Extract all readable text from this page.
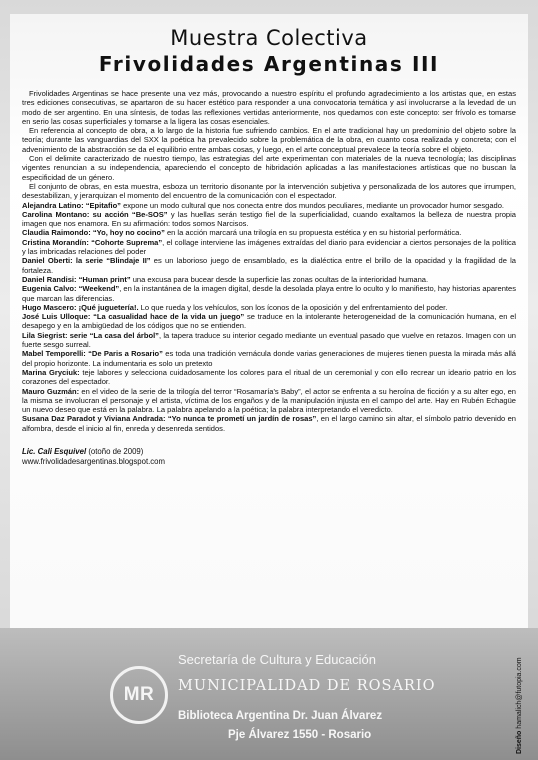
Muestra Colectiva
Frivolidades Argentinas III

Frivolidades Argentinas se hace presente una vez más, provocando a nuestro espíritu el profundo agradecimiento a los artistas que, en estas tres ediciones consecutivas, se apartaron de su hacer estético para responder a una convocatoria temática y así involucrarse a la levedad de un modo de ser argentino. En una síntesis, de todas las reflexiones vertidas anteriormente, nos quedamos con este concepto: ser frívolo es tomarse en serio las cosas superficiales y tomarse a la ligera las cosas esenciales.

En referencia al concepto de obra, a lo largo de la historia fue sufriendo cambios. En el arte tradicional hay un predominio del objeto sobre la teoría; durante las vanguardias del SXX la poética ha prevalecido sobre la problemática de la obra, en cuanto cosa realizada y concreta; con el advenimiento de la abstracción se da el equilibrio entre ambas cosas, y luego, en el arte conceptual prevalece la teoría sobre el objeto.

Con el delimite caracterizado de nuestro tiempo, las estrategias del arte experimentan con materiales de la nueva tecnología; las disciplinas vigentes renuncian a su independencia, apareciendo el concepto de hibridación aplicadas a las manifestaciones artísticas que no buscan la especificidad de un género.

El conjunto de obras, en esta muestra, esboza un territorio disonante por la intervención subjetiva y personalizada de los autores que irrumpen, desestabilizan, y jerarquizan el momento del encuentro de la comunicación con el espectador.

Alejandra Latino: “Epitafio” expone un modo cultural que nos conecta entre dos mundos peculiares, mediante un provocador humor sesgado.

Carolina Montano: su acción “Be-SOS” y las huellas serán testigo fiel de la superficialidad, cuando exaltamos la belleza de nuestra propia imagen que nos enamora. En su afirmación: todos somos Narcisos.

Claudia Raimondo: “Yo, hoy no cocino” en la acción marcará una trilogía en su propuesta estética y en su historial performática.

Cristina Morandín: “Cohorte Suprema”, el collage interviene las imágenes extraídas del diario para evidenciar a ciertos personajes de la política y las imbricadas relaciones del poder

Daniel Oberti: la serie “Blindaje II” es un laborioso juego de ensamblado, es la dialéctica entre el brillo de la opacidad y la fragilidad de la fortaleza.

Daniel Randisi: “Human print” una excusa para bucear desde la superficie las zonas ocultas de la interioridad humana.

Eugenia Calvo: “Weekend”, en la instantánea de la imagen digital, desde la desolada playa entre lo oculto y lo manifiesto, hay historias aparentes que marcan las diferencias.

Hugo Mascero: ¡Qué juguetería!. Lo que rueda y los vehículos, son los íconos de la oposición y del enfrentamiento del poder.

José Luis Ulloque: “La casualidad hace de la vida un juego” se traduce en la intolerante heterogeneidad de la comunicación humana, en el desapego y en la ambigüedad de los códigos que no se entienden.

Lila Siegrist: serie “La casa del árbol”, la tapera traduce su interior cegado mediante un eventual pasado que vuelve en retazos. Imagen con un fuerte sesgo surreal.

Mabel Temporelli: “De Paris a Rosario” es toda una tradición vernácula donde varias generaciones de mujeres tienen puesta la mirada más allá del propio horizonte. La indumentaria es solo un pretexto

Marina Gryciuk: teje labores y selecciona cuidadosamente los colores para el ritual de un ceremonial y con ello recrear un ideario patrio en los corazones del espectador.

Mauro Guzmán: en el video de la serie de la trilogía del terror “Rosamaría's Baby”, el actor se enfrenta a su heroína de ficción y a su alter ego, en la misma se involucran el personaje y el artista, víctima de los engaños y de la manipulación injusta en el campo del arte. Hay en Rubén Echagüe un nuevo deseo que está en la palabra. La palabra apelando a la poética; la palabra interpretando el veredicto.

Susana Daz Paradot y Viviana Andrada: “Yo nunca te prometí un jardín de rosas”, en el largo camino sin altar, el símbolo patrio devenido en alfombra, desde el inicio al fin, enreda y desenreda sentidos.

Lic. Cali Esquivel (otoño de 2009)
www.frivolidadesargentinas.blogspot.com
MR
Secretaría de Cultura y Educación
MUNICIPALIDAD DE ROSARIO
Biblioteca Argentina Dr. Juan Álvarez
Pje Álvarez 1550 - Rosario	Diseño hamalich@futopia.com
